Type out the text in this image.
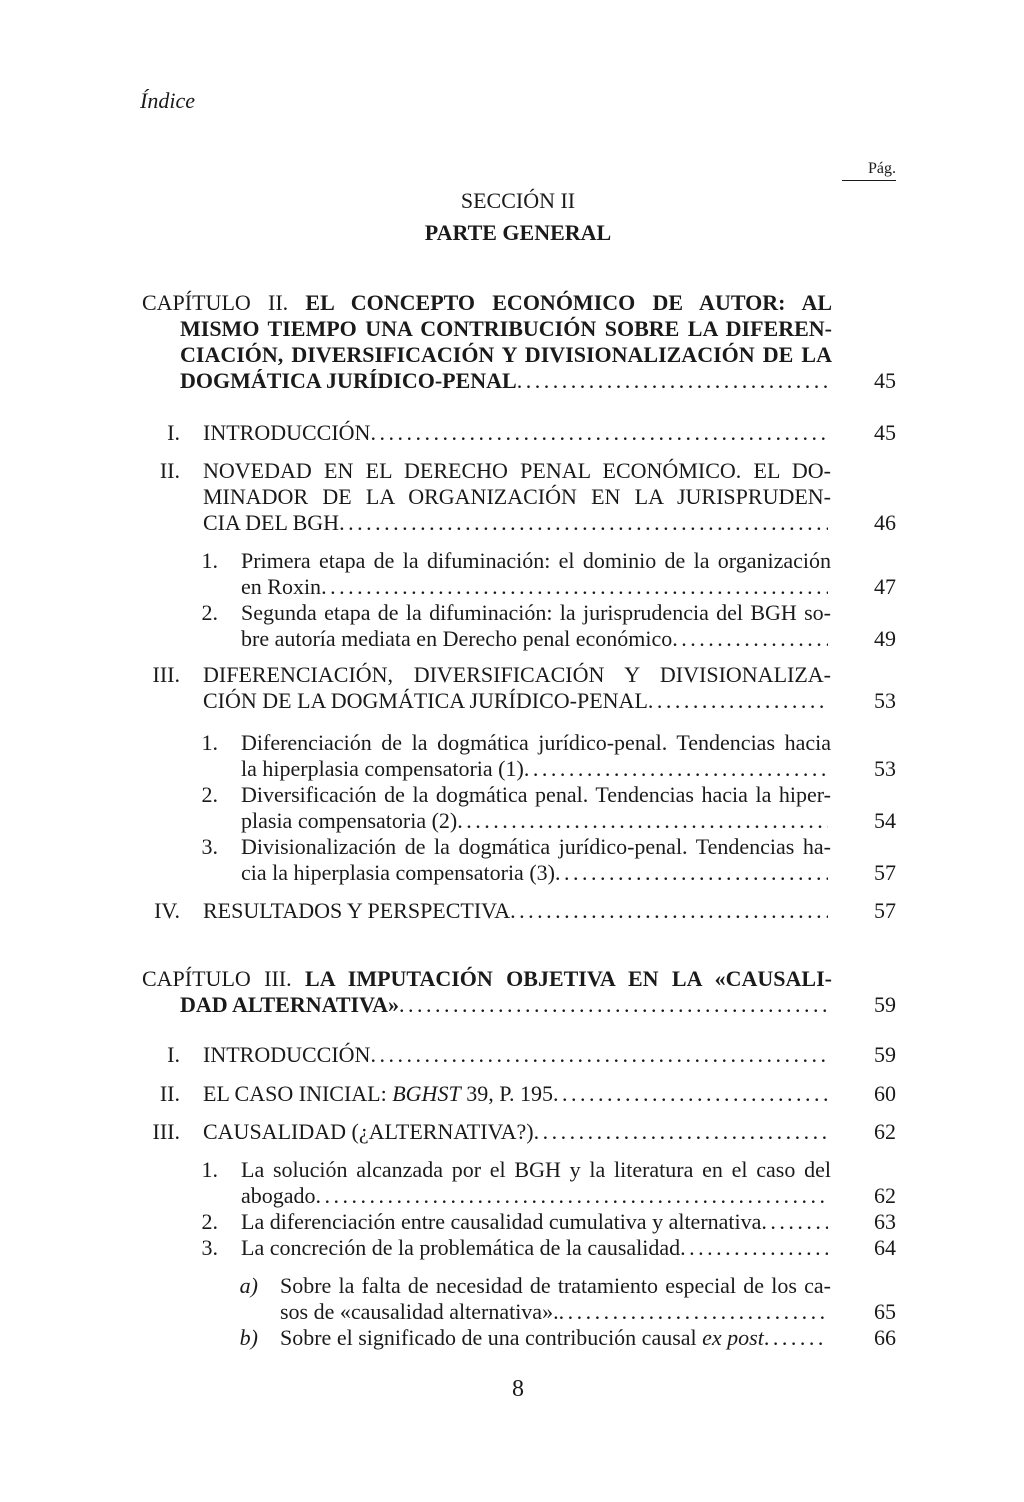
Índice
Pág.
SECCIÓN II
PARTE GENERAL
CAPÍTULO II. EL CONCEPTO ECONÓMICO DE AUTOR: AL
MISMO TIEMPO UNA CONTRIBUCIÓN SOBRE LA DIFEREN-
CIACIÓN, DIVERSIFICACIÓN Y DIVISIONALIZACIÓN DE LA
DOGMÁTICA JURÍDICO-PENAL . . .	45
I. INTRODUCCIÓN . . .	45
II. NOVEDAD EN EL DERECHO PENAL ECONÓMICO. EL DO-
MINADOR DE LA ORGANIZACIÓN EN LA JURISPRUDEN-
CIA DEL BGH . . .	46
1. Primera etapa de la difuminación: el dominio de la organización
en Roxin . . .	47
2. Segunda etapa de la difuminación: la jurisprudencia del BGH so-
bre autoría mediata en Derecho penal económico . . .	49
III. DIFERENCIACIÓN, DIVERSIFICACIÓN Y DIVISIONALIZA-
CIÓN DE LA DOGMÁTICA JURÍDICO-PENAL . . .	53
1. Diferenciación de la dogmática jurídico-penal. Tendencias hacia
la hiperplasia compensatoria (1) . . .	53
2. Diversificación de la dogmática penal. Tendencias hacia la hiper-
plasia compensatoria (2) . . .	54
3. Divisionalización de la dogmática jurídico-penal. Tendencias ha-
cia la hiperplasia compensatoria (3) . . .	57
IV. RESULTADOS Y PERSPECTIVA . . .	57
CAPÍTULO III. LA IMPUTACIÓN OBJETIVA EN LA «CAUSALI-
DAD ALTERNATIVA» . . .	59
I. INTRODUCCIÓN . . .	59
II. EL CASO INICIAL: BGHST 39, P. 195 . . .	60
III. CAUSALIDAD (¿ALTERNATIVA?) . . .	62
1. La solución alcanzada por el BGH y la literatura en el caso del
abogado . . .	62
2. La diferenciación entre causalidad cumulativa y alternativa . . .	63
3. La concreción de la problemática de la causalidad . . .	64
a) Sobre la falta de necesidad de tratamiento especial de los ca-
sos de «causalidad alternativa». . . .	65
b) Sobre el significado de una contribución causal ex post . . .	66
8
